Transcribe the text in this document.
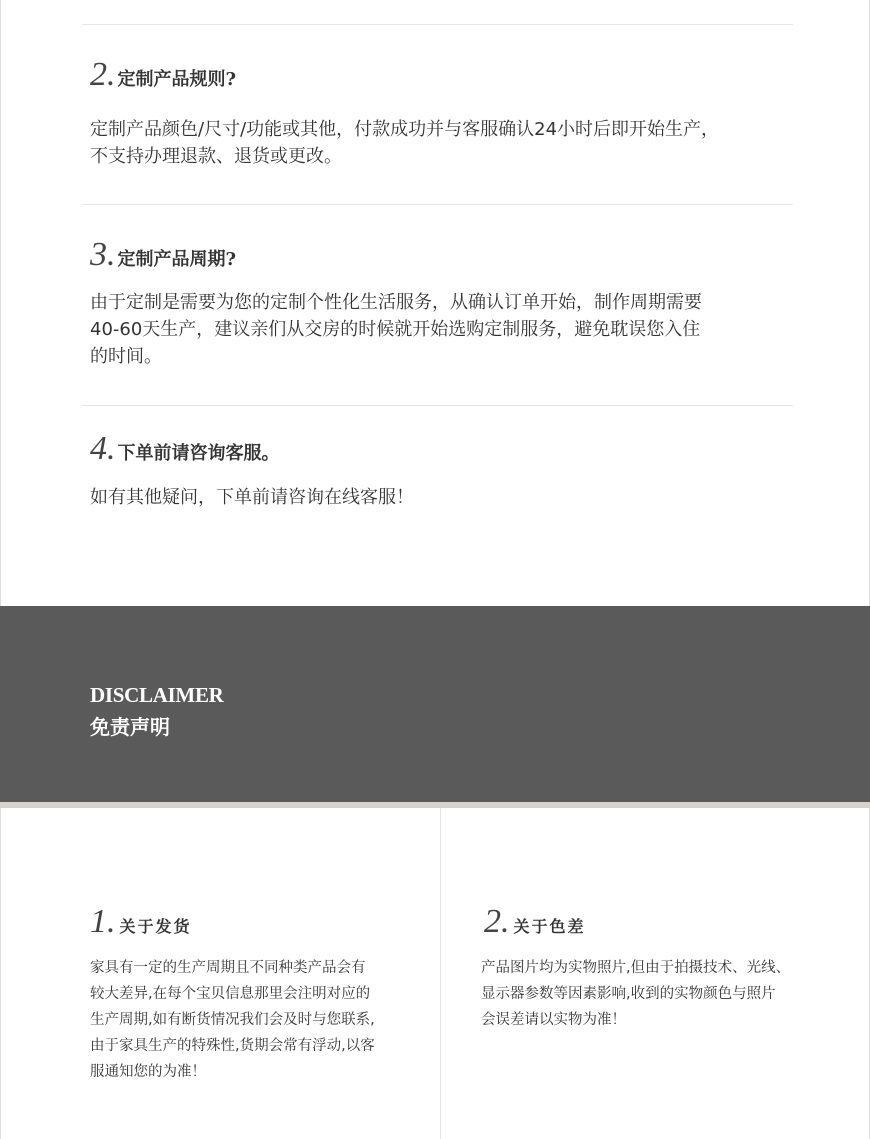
2. 定制产品规则?
定制产品颜色/尺寸/功能或其他，付款成功并与客服确认24小时后即开始生产，
不支持办理退款、退货或更改。
3. 定制产品周期?
由于定制是需要为您的定制个性化生活服务，从确认订单开始，制作周期需要
40-60天生产，建议亲们从交房的时候就开始选购定制服务，避免耽误您入住
的时间。
4. 下单前请咨询客服。
如有其他疑问，下单前请咨询在线客服！
DISCLAIMER
免责声明
1. 关于发货
家具有一定的生产周期且不同种类产品会有
较大差异,在每个宝贝信息那里会注明对应的
生产周期,如有断货情况我们会及时与您联系,
由于家具生产的特殊性,货期会常有浮动,以客
服通知您的为准！
2. 关于色差
产品图片均为实物照片,但由于拍摄技术、光线、
显示器参数等因素影响,收到的实物颜色与照片
会误差请以实物为准！
